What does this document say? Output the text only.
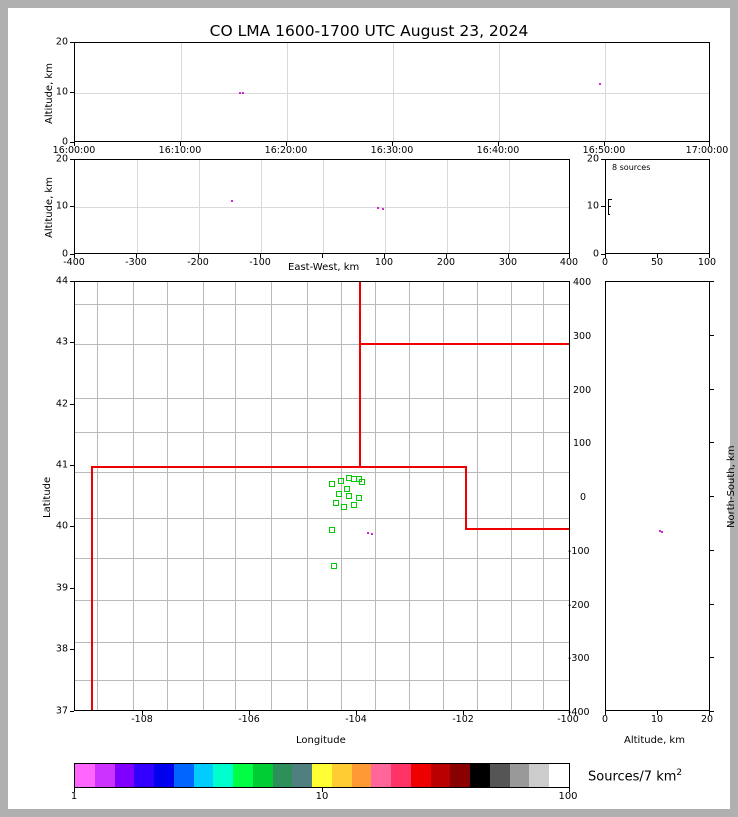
CO LMA 1600-1700 UTC August 23, 2024
16:00:00	16:10:00	16:20:00	16:30:00	16:40:00	16:50:00	17:00:00
0
10
20
Altitude, km
-400	-300	-200	-100	100	200	300	400
0
10
20
Altitude, km
East-West, km
8 sources
0	50	100
0
10
20
-108	-106	-104	-102	-100
37
38
39
40
41
42
43
44
Latitude
Longitude
0	10	20
-400
-300
-200
-100
0
100
200
300
400
North-South, km
Altitude, km
1	10	100
Sources/7 $km^2$
